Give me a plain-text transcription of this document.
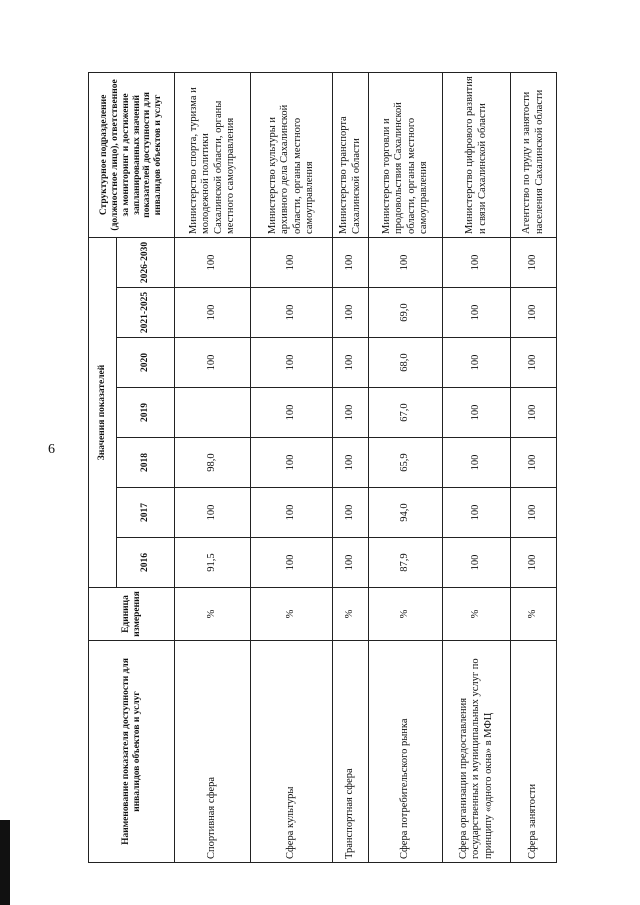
6
Наименование показателя доступности для инвалидов объектов и услуг	Единица измерения	Значения показателей							Структурное подразделение (должностное лицо), ответственное за мониторинг и достижение запланированных значений показателей доступности для инвалидов объектов и услуг
		2016	2017	2018	2019	2020	2021-2025	2026-2030	
Спортивная сфера	%	91,5	100	98,0		100	100	100	Министерство спорта, туризма и молодежной политики Сахалинской области, органы местного самоуправления
Сфера культуры	%	100	100	100	100	100	100	100	Министерство культуры и архивного дела Сахалинской области, органы местного самоуправления
Транспортная сфера	%	100	100	100	100	100	100	100	Министерство транспорта Сахалинской области
Сфера потребительского рынка	%	87,9	94,0	65,9	67,0	68,0	69,0	100	Министерство торговли и продовольствия Сахалинской области, органы местного самоуправления
Сфера организации предоставления государственных и муниципальных услуг по принципу «одного окна» в МФЦ	%	100	100	100	100	100	100	100	Министерство цифрового развития и связи Сахалинской области
Сфера занятости	%	100	100	100	100	100	100	100	Агентство по труду и занятости населения Сахалинской области
